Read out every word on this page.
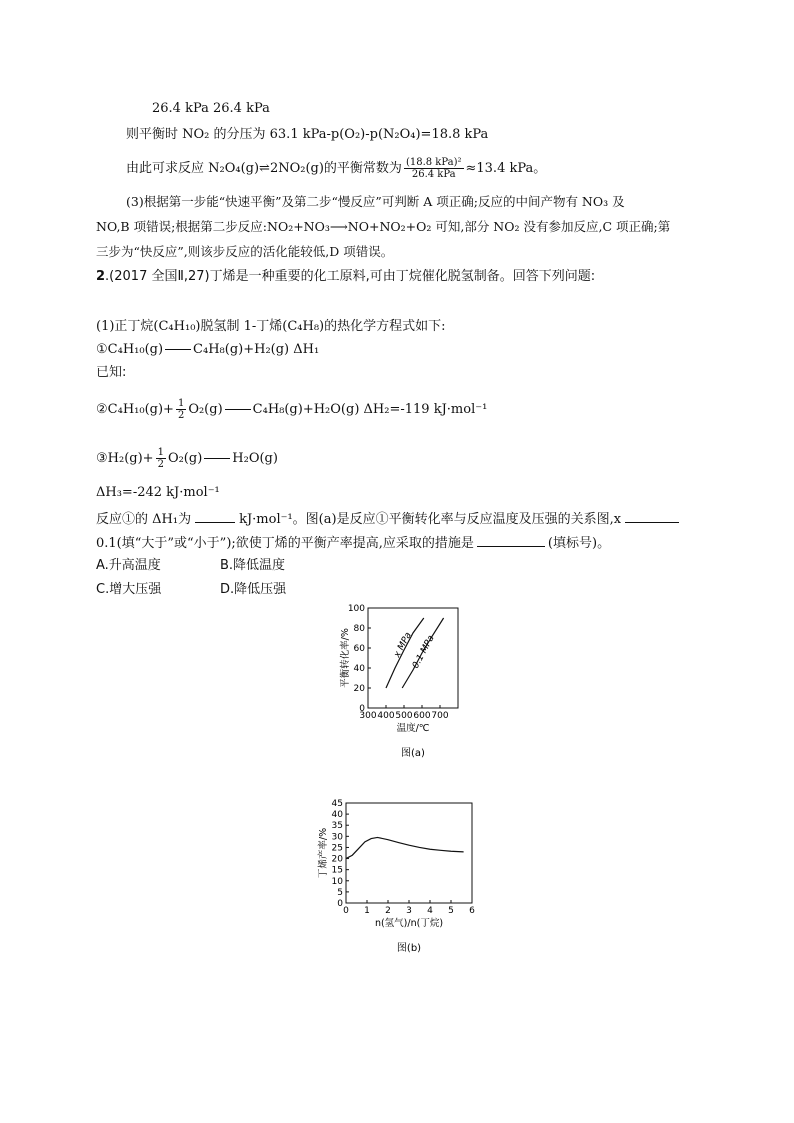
26.4 kPa 26.4 kPa
则平衡时 NO₂ 的分压为 63.1 kPa-p(O₂)-p(N₂O₄)=18.8 kPa
由此可求反应 N₂O₄(g)⇌2NO₂(g)的平衡常数为 $\frac{\text{(18.8 kPa)²}}{\text{26.4 kPa}} \approx 13.4$ kPa。
(3)根据第一步能“快速平衡”及第二步“慢反应”可判断 A 项正确;反应的中间产物有 NO₃ 及
NO,B 项错误;根据第二步反应:NO₂+NO₃⟶NO+NO₂+O₂ 可知,部分 NO₂ 没有参加反应,C 项正确;第
三步为“快反应”,则该步反应的活化能较低,D 项错误。
2.(2017 全国Ⅱ,27)丁烯是一种重要的化工原料,可由丁烷催化脱氢制备。回答下列问题:
(1)正丁烷(C₄H₁₀)脱氢制 1-丁烯(C₄H₈)的热化学方程式如下:
①C₄H₁₀(g) C₄H₈(g)+H₂(g) ΔH₁
已知:
②C₄H₁₀(g)+ $\frac{1}{2} O_2(g)$ C₄H₈(g)+H₂O(g) ΔH₂=-119 kJ·mol⁻¹
③H₂(g)+ $\frac{1}{2} O_2(g)$ H₂O(g)
ΔH₃=-242 kJ·mol⁻¹
反应①的 ΔH₁为	kJ·mol⁻¹。图(a)是反应①平衡转化率与反应温度及压强的关系图,x
0.1(填“大于”或“小于”);欲使丁烯的平衡产率提高,应采取的措施是	(填标号)。
A.升高温度	B.降低温度
C.增大压强	D.降低压强
300 400 500 600 700
0
20
40
60
80
100
温度/℃
平衡转化率/%	x MPa
0.1 MPa
图(a)
0 1 2 3 4 5 6
0
5
10
15
20
25
30
35
40
45
n(氢气)/n(丁烷)
丁烯产率/%
图(b)
